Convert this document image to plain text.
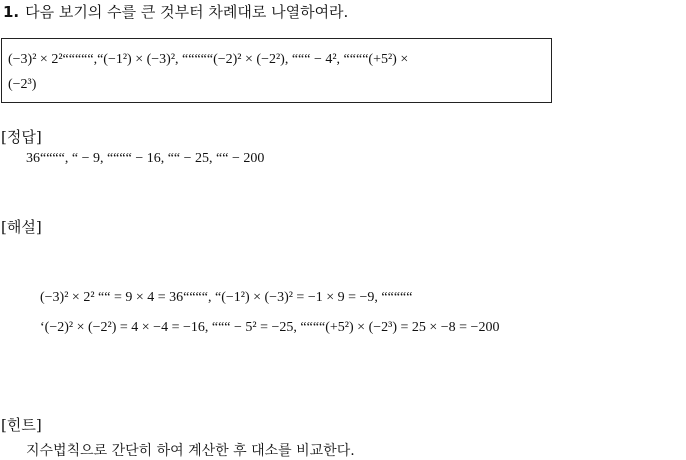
1. 다음 보기의 수를 큰 것부터 차례대로 나열하여라.
(−3)² × 2²“““““,“(−1²) × (−3)², “““““(−2)² × (−2²), “““ − 4², ““““(+5²) ×
(−2³)
[정답]
36““““, “ − 9, ““““ − 16, ““ − 25, ““ − 200
[해설]
(−3)² × 2² ““ = 9 × 4 = 36““““, “(−1²) × (−3)² = −1 × 9 = −9, “““““
‘(−2)² × (−2²) = 4 × −4 = −16, “““ − 5² = −25, ““““(+5²) × (−2³) = 25 × −8 = −200
[힌트]
지수법칙으로 간단히 하여 계산한 후 대소를 비교한다.
